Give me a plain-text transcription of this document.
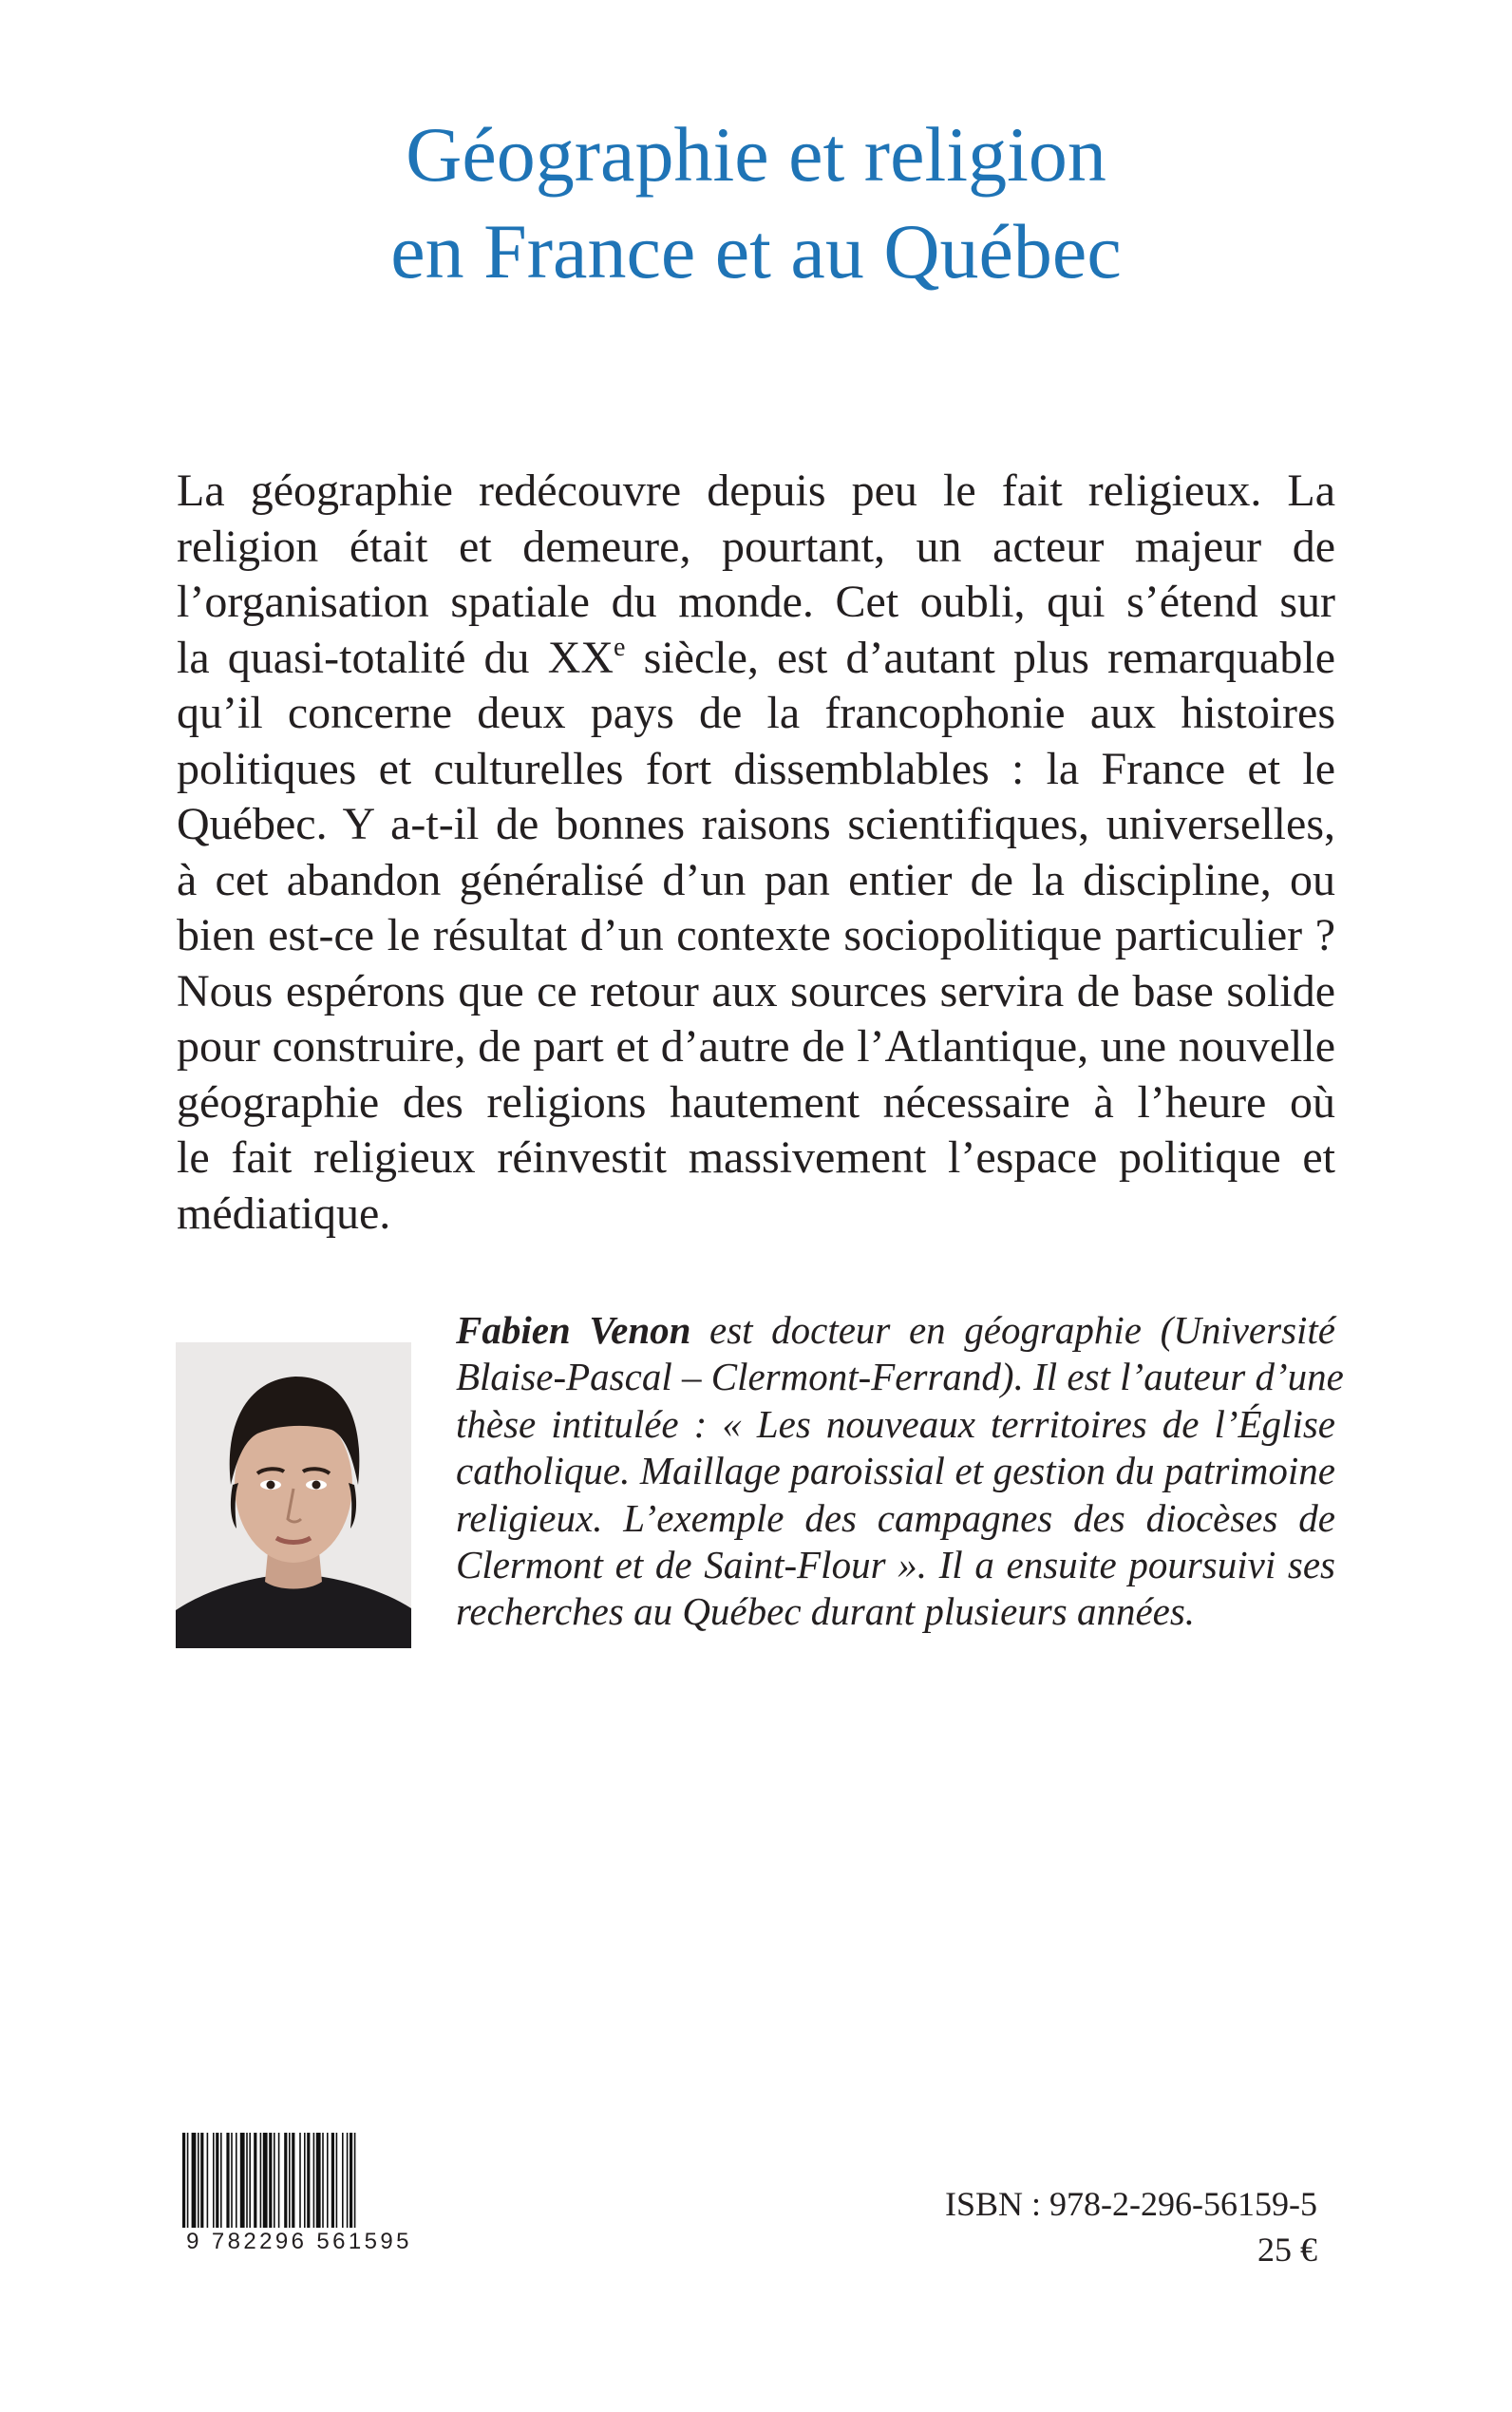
Géographie et religion
en France et au Québec
La géographie redécouvre depuis peu le fait religieux. La
religion était et demeure, pourtant, un acteur majeur de
l’organisation spatiale du monde. Cet oubli, qui s’étend sur
la quasi-totalité du XXe siècle, est d’autant plus remarquable
qu’il concerne deux pays de la francophonie aux histoires
politiques et culturelles fort dissemblables : la France et le
Québec. Y a-t-il de bonnes raisons scientifiques, universelles,
à cet abandon généralisé d’un pan entier de la discipline, ou
bien est-ce le résultat d’un contexte sociopolitique particulier ?
Nous espérons que ce retour aux sources servira de base solide
pour construire, de part et d’autre de l’Atlantique, une nouvelle
géographie des religions hautement nécessaire à l’heure où
le fait religieux réinvestit massivement l’espace politique et
médiatique.
Fabien Venon est docteur en géographie (Université
Blaise-Pascal – Clermont-Ferrand). Il est l’auteur d’une
thèse intitulée : « Les nouveaux territoires de l’Église
catholique. Maillage paroissial et gestion du patrimoine
religieux. L’exemple des campagnes des diocèses de
Clermont et de Saint-Flour ». Il a ensuite poursuivi ses
recherches au Québec durant plusieurs années.
9 782296 561595
ISBN : 978-2-296-56159-5
25 €
